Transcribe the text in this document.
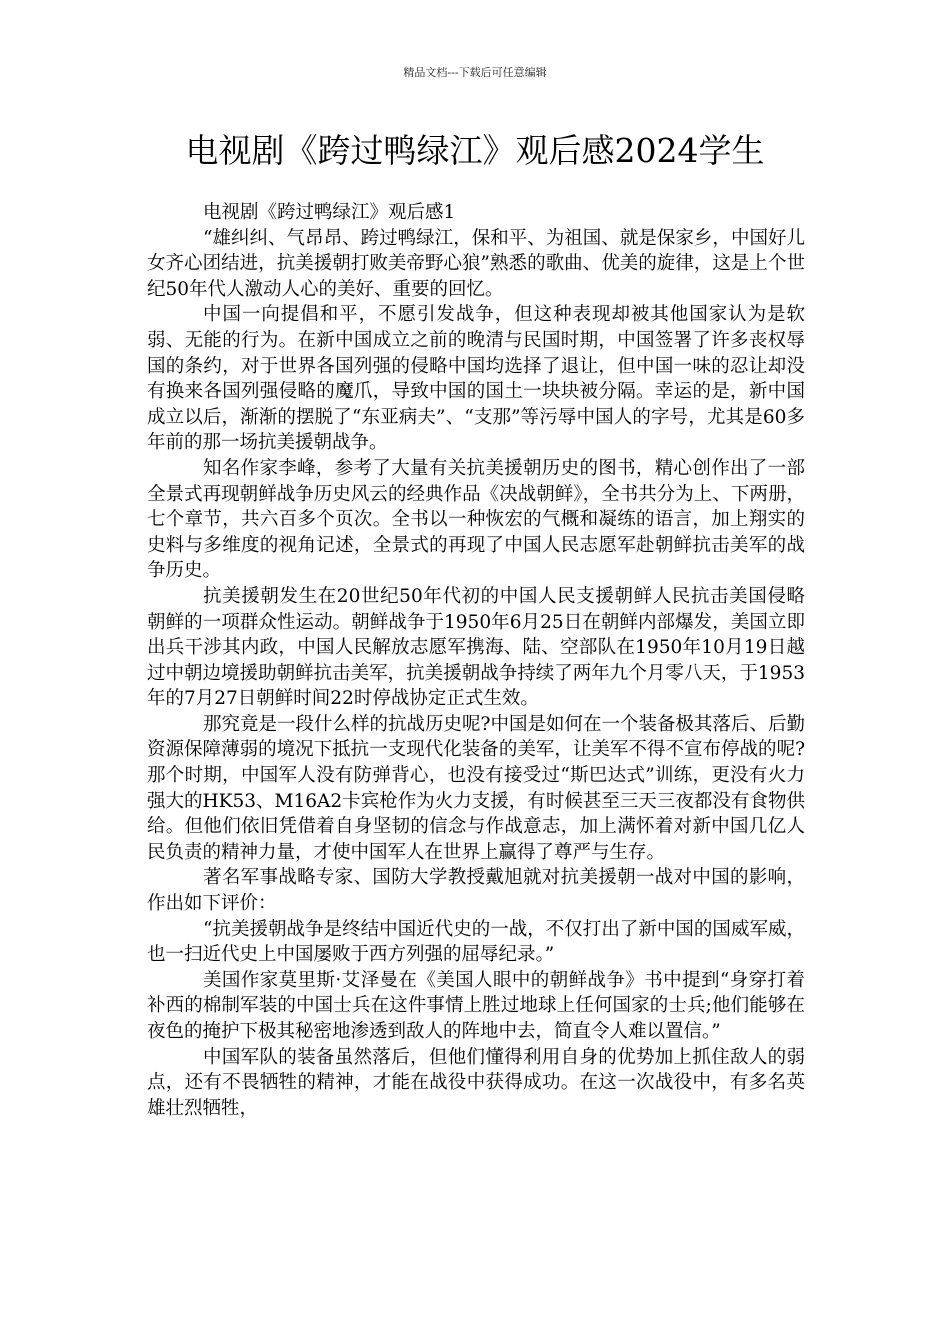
精品文档---下载后可任意编辑
电视剧《跨过鸭绿江》观后感2024学生

电视剧《跨过鸭绿江》观后感1

“雄纠纠、气昂昂、跨过鸭绿江，保和平、为祖国、就是保家乡，中国好儿女齐心团结进，抗美援朝打败美帝野心狼”熟悉的歌曲、优美的旋律，这是上个世纪50年代人激动人心的美好、重要的回忆。

中国一向提倡和平，不愿引发战争，但这种表现却被其他国家认为是软弱、无能的行为。在新中国成立之前的晚清与民国时期，中国签署了许多丧权辱国的条约，对于世界各国列强的侵略中国均选择了退让，但中国一味的忍让却没有换来各国列强侵略的魔爪，导致中国的国土一块块被分隔。幸运的是，新中国成立以后，渐渐的摆脱了“东亚病夫”、“支那”等污辱中国人的字号，尤其是60多年前的那一场抗美援朝战争。

知名作家李峰，参考了大量有关抗美援朝历史的图书，精心创作出了一部全景式再现朝鲜战争历史风云的经典作品《决战朝鲜》，全书共分为上、下两册，七个章节，共六百多个页次。全书以一种恢宏的气概和凝练的语言，加上翔实的史料与多维度的视角记述，全景式的再现了中国人民志愿军赴朝鲜抗击美军的战争历史。

抗美援朝发生在20世纪50年代初的中国人民支援朝鲜人民抗击美国侵略朝鲜的一项群众性运动。朝鲜战争于1950年6月25日在朝鲜内部爆发，美国立即出兵干涉其内政，中国人民解放志愿军携海、陆、空部队在1950年10月19日越过中朝边境援助朝鲜抗击美军，抗美援朝战争持续了两年九个月零八天，于1953年的7月27日朝鲜时间22时停战协定正式生效。

那究竟是一段什么样的抗战历史呢?中国是如何在一个装备极其落后、后勤资源保障薄弱的境况下抵抗一支现代化装备的美军，让美军不得不宣布停战的呢?那个时期，中国军人没有防弹背心，也没有接受过“斯巴达式”训练，更没有火力强大的HK53、M16A2卡宾枪作为火力支援，有时候甚至三天三夜都没有食物供给。但他们依旧凭借着自身坚韧的信念与作战意志，加上满怀着对新中国几亿人民负责的精神力量，才使中国军人在世界上赢得了尊严与生存。

著名军事战略专家、国防大学教授戴旭就对抗美援朝一战对中国的影响，作出如下评价：

“抗美援朝战争是终结中国近代史的一战，不仅打出了新中国的国威军威，也一扫近代史上中国屡败于西方列强的屈辱纪录。”

美国作家莫里斯·艾泽曼在《美国人眼中的朝鲜战争》书中提到“身穿打着补西的棉制军装的中国士兵在这件事情上胜过地球上任何国家的士兵;他们能够在夜色的掩护下极其秘密地渗透到敌人的阵地中去，简直令人难以置信。”

中国军队的装备虽然落后，但他们懂得利用自身的优势加上抓住敌人的弱点，还有不畏牺牲的精神，才能在战役中获得成功。在这一次战役中，有多名英雄壮烈牺牲，
